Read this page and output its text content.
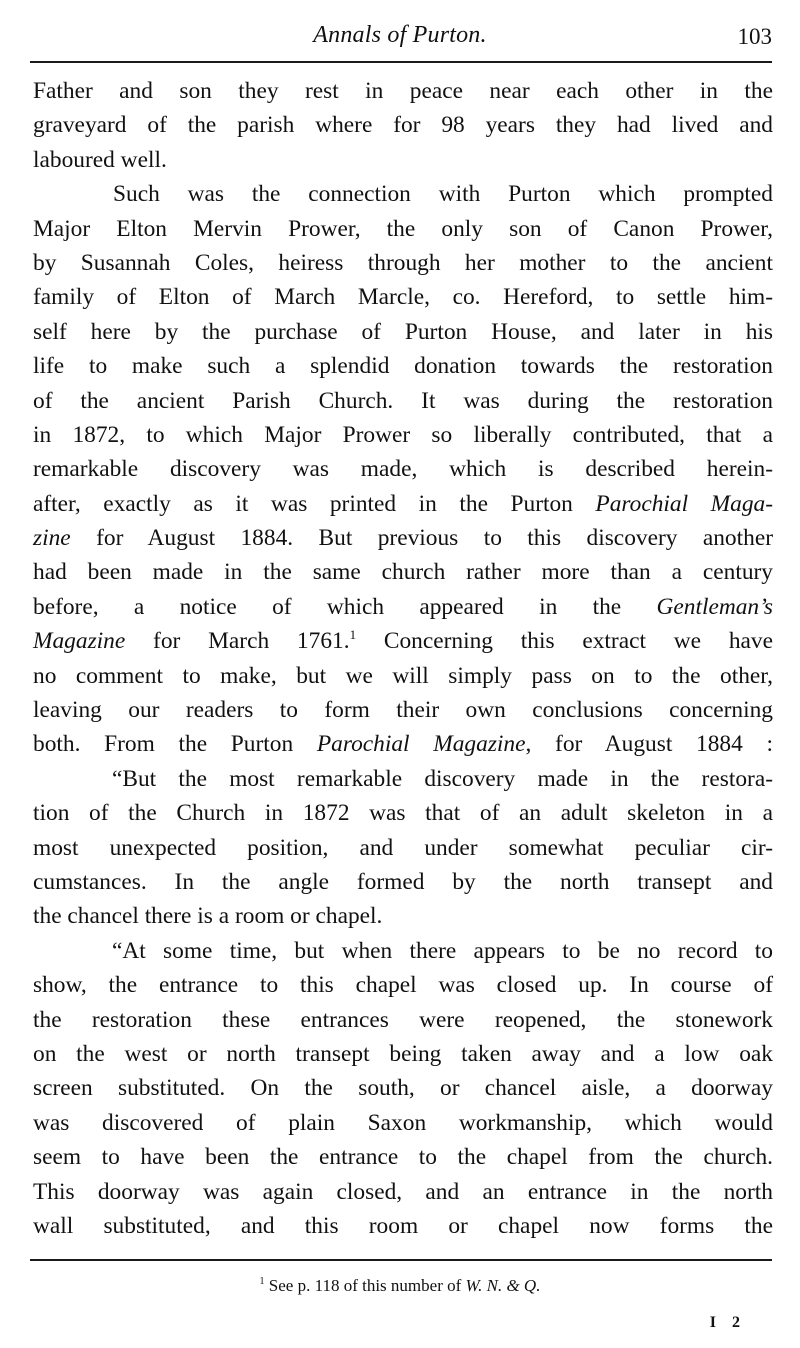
Annals of Purton.	103
Father and son they rest in peace near each other in the
graveyard of the parish where for 98 years they had lived and
laboured well.
Such was the connection with Purton which prompted
Major Elton Mervin Prower, the only son of Canon Prower,
by Susannah Coles, heiress through her mother to the ancient
family of Elton of March Marcle, co. Hereford, to settle him-
self here by the purchase of Purton House, and later in his
life to make such a splendid donation towards the restoration
of the ancient Parish Church. It was during the restoration
in 1872, to which Major Prower so liberally contributed, that a
remarkable discovery was made, which is described herein-
after, exactly as it was printed in the Purton Parochial Maga-
zine for August 1884. But previous to this discovery another
had been made in the same church rather more than a century
before, a notice of which appeared in the Gentleman’s
Magazine for March 1761.$^1$ Concerning this extract we have
no comment to make, but we will simply pass on to the other,
leaving our readers to form their own conclusions concerning
both. From the Purton Parochial Magazine, for August 1884 :
“But the most remarkable discovery made in the restora-
tion of the Church in 1872 was that of an adult skeleton in a
most unexpected position, and under somewhat peculiar cir-
cumstances. In the angle formed by the north transept and
the chancel there is a room or chapel.
“At some time, but when there appears to be no record to
show, the entrance to this chapel was closed up. In course of
the restoration these entrances were reopened, the stonework
on the west or north transept being taken away and a low oak
screen substituted. On the south, or chancel aisle, a doorway
was discovered of plain Saxon workmanship, which would
seem to have been the entrance to the chapel from the church.
This doorway was again closed, and an entrance in the north
wall substituted, and this room or chapel now forms the
$^1$ See p. 118 of this number of W. N. & Q.
I 2
